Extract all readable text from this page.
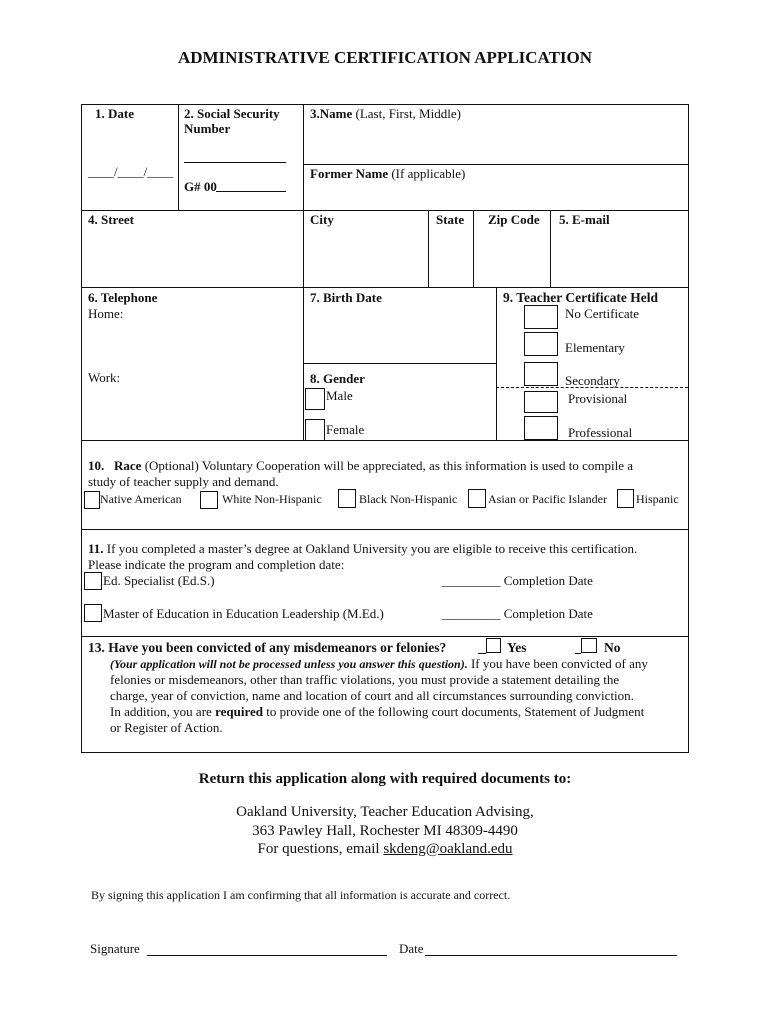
ADMINISTRATIVE CERTIFICATION APPLICATION
1. Date
____/____/____
2. Social Security
Number
G# 00
3.Name (Last, First, Middle)
Former Name (If applicable)
4. Street	City	State Zip Code 5. E-mail
6. Telephone
Home:
Work:
7. Birth Date
8. Gender
Male
Female
9. Teacher Certificate Held
No Certificate
Elementary
Secondary
Provisional
Professional
10. Race (Optional) Voluntary Cooperation will be appreciated, as this information is used to compile a
study of teacher supply and demand.
Native American	White Non-Hispanic	Black Non-Hispanic	Asian or Pacific Islander Hispanic
11. If you completed a master’s degree at Oakland University you are eligible to receive this certification.
Please indicate the program and completion date:
Ed. Specialist (Ed.S.)	_________ Completion Date
Master of Education in Education Leadership (M.Ed.)	_________ Completion Date
13. Have you been convicted of any misdemeanors or felonies?	Yes	No
(Your application will not be processed unless you answer this question). If you have been convicted of any
felonies or misdemeanors, other than traffic violations, you must provide a statement detailing the
charge, year of conviction, name and location of court and all circumstances surrounding conviction.
In addition, you are required to provide one of the following court documents, Statement of Judgment
or Register of Action.
Return this application along with required documents to:
Oakland University, Teacher Education Advising,
363 Pawley Hall, Rochester MI 48309-4490
For questions, email skdeng@oakland.edu
By signing this application I am confirming that all information is accurate and correct.
Signature	Date
